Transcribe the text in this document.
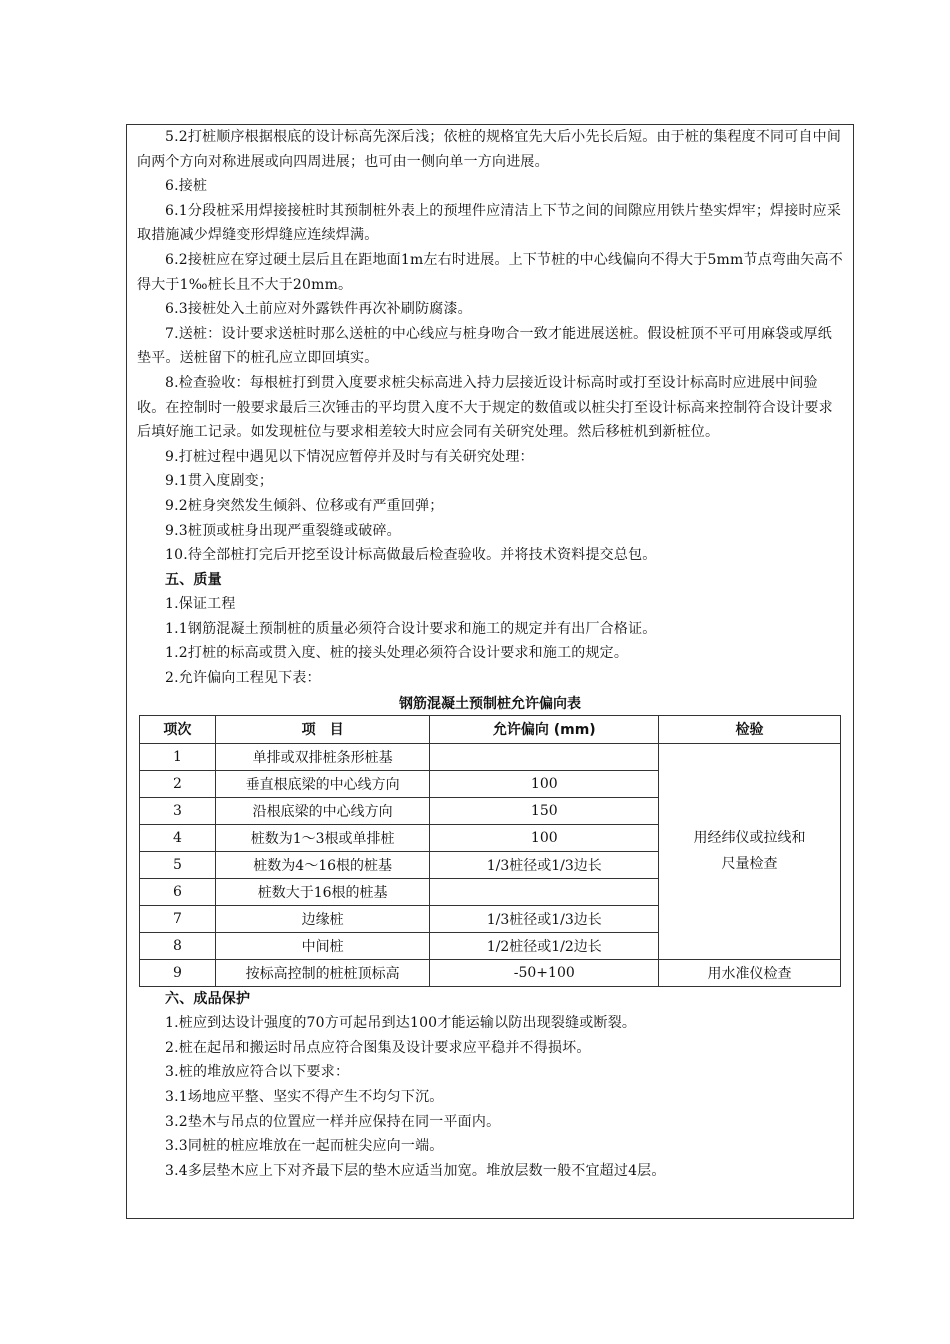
5.2打桩顺序根据根底的设计标高先深后浅；依桩的规格宜先大后小先长后短。由于桩的集程度不同可自中间向两个方向对称进展或向四周进展；也可由一侧向单一方向进展。

6.接桩

6.1分段桩采用焊接接桩时其预制桩外表上的预埋件应清洁上下节之间的间隙应用铁片垫实焊牢；焊接时应采取措施减少焊缝变形焊缝应连续焊满。

6.2接桩应在穿过硬土层后且在距地面1m左右时进展。上下节桩的中心线偏向不得大于5mm节点弯曲矢高不得大于1‰桩长且不大于20mm。

6.3接桩处入土前应对外露铁件再次补刷防腐漆。

7.送桩：设计要求送桩时那么送桩的中心线应与桩身吻合一致才能进展送桩。假设桩顶不平可用麻袋或厚纸垫平。送桩留下的桩孔应立即回填实。

8.检查验收：每根桩打到贯入度要求桩尖标高进入持力层接近设计标高时或打至设计标高时应进展中间验收。在控制时一般要求最后三次锤击的平均贯入度不大于规定的数值或以桩尖打至设计标高来控制符合设计要求后填好施工记录。如发现桩位与要求相差较大时应会同有关研究处理。然后移桩机到新桩位。

9.打桩过程中遇见以下情况应暂停并及时与有关研究处理：

9.1贯入度剧变；

9.2桩身突然发生倾斜、位移或有严重回弹；

9.3桩顶或桩身出现严重裂缝或破碎。

10.待全部桩打完后开挖至设计标高做最后检查验收。并将技术资料提交总包。

五、质量

1.保证工程

1.1钢筋混凝土预制桩的质量必须符合设计要求和施工的规定并有出厂合格证。

1.2打桩的标高或贯入度、桩的接头处理必须符合设计要求和施工的规定。

2.允许偏向工程见下表：

钢筋混凝土预制桩允许偏向表
项次	项　目	允许偏向 (mm)	检验
1	单排或双排桩条形桩基		用经纬仪或拉线和尺量检查

2	垂直根底梁的中心线方向	100	
3	沿根底梁的中心线方向	150	
4	桩数为1～3根或单排桩	100	
5	桩数为4～16根的桩基	1/3桩径或1/3边长	
6	桩数大于16根的桩基		
7	边缘桩	1/3桩径或1/3边长	
8	中间桩	1/2桩径或1/2边长	
9	按标高控制的桩桩顶标高	-50+100	用水准仪检查

六、成品保护

1.桩应到达设计强度的70方可起吊到达100才能运输以防出现裂缝或断裂。

2.桩在起吊和搬运时吊点应符合图集及设计要求应平稳并不得损坏。

3.桩的堆放应符合以下要求：

3.1场地应平整、坚实不得产生不均匀下沉。

3.2垫木与吊点的位置应一样并应保持在同一平面内。

3.3同桩的桩应堆放在一起而桩尖应向一端。

3.4多层垫木应上下对齐最下层的垫木应适当加宽。堆放层数一般不宜超过4层。
